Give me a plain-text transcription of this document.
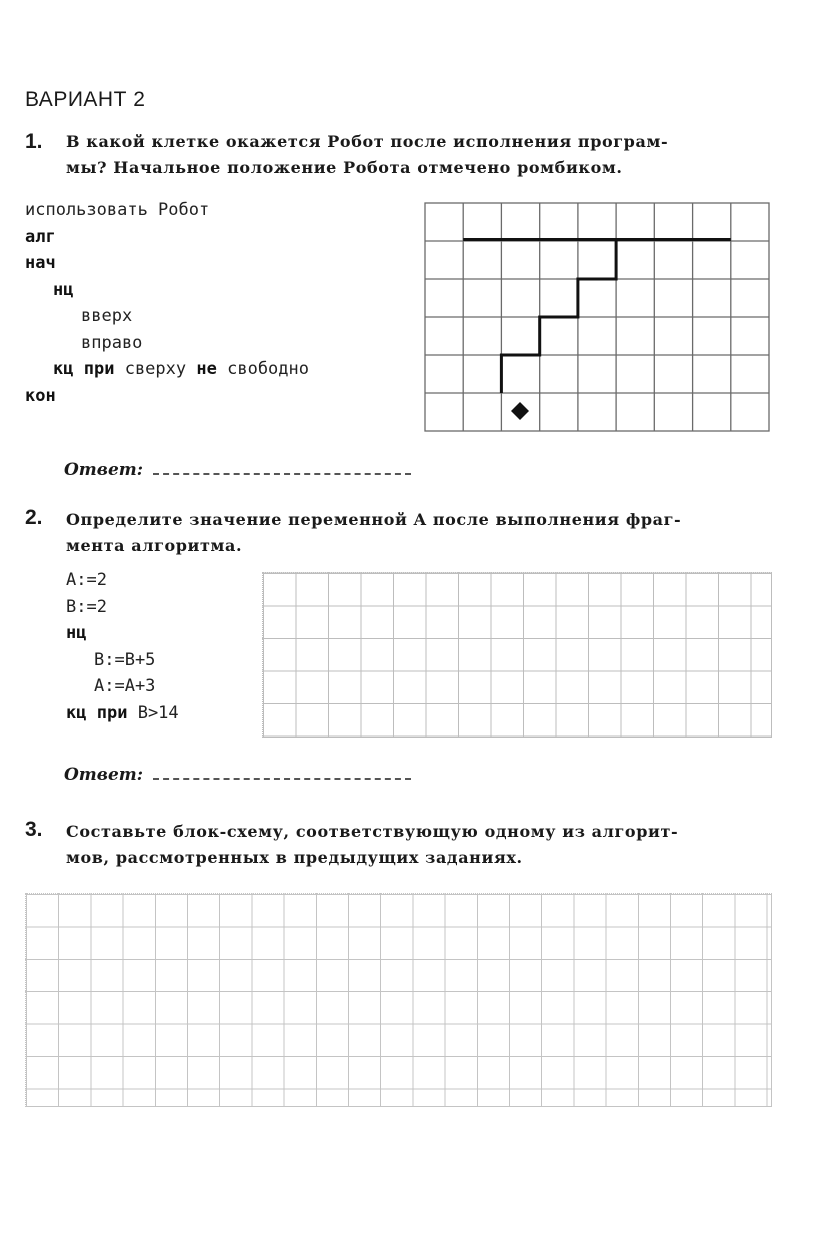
ВАРИАНТ 2
1. В какой клетке окажется Робот после исполнения програм-
мы? Начальное положение Робота отмечено ромбиком.
использовать Робот
алг
нач
нц
вверх
вправо
кц при сверху не свободно
кон
Ответ:
2. Определите значение переменной A после выполнения фраг-
мента алгоритма.
A:=2
B:=2
нц
B:=B+5
A:=A+3
кц при B>14
Ответ:
3. Составьте блок-схему, соответствующую одному из алгорит-
мов, рассмотренных в предыдущих заданиях.
